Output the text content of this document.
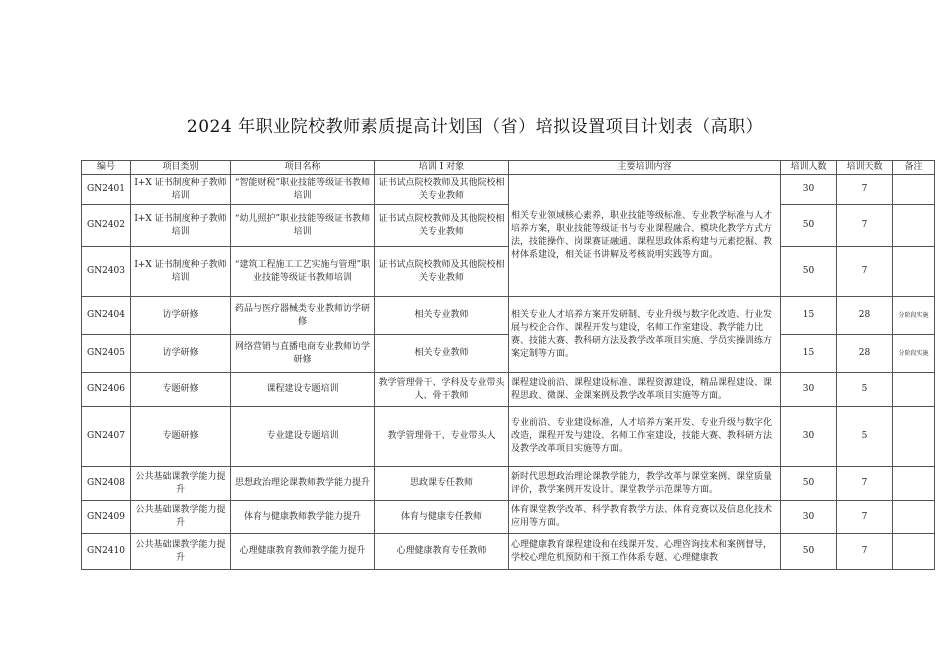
2024 年职业院校教师素质提高计划国（省）培拟设置项目计划表（高职）
编号	项目类别	项目名称	培训 I 对象	主要培训内容	培训人数	培训天数	备注
GN2401	I+X 证书制度种子教师培训	“智能财税”职业技能等级证书教师培训	证书试点院校教师及其他院校相关专业教师	相关专业领域核心素养，职业技能等级标准、专业教学标准与人才培养方案，职业技能等级证书与专业课程融合、模块化教学方式方法，技能操作、岗课赛证融通、课程思政体系构建与元素挖掘、教材体系建设，相关证书讲解及考核说明实践等方面。	30	7	
GN2402	I+X 证书制度种子教师培训	“幼儿照护”职业技能等级证书教师培训	证书试点院校教师及其他院校相关专业教师		50	7	
GN2403	I+X 证书制度种子教师培训	“建筑工程施工工艺实施与管理”职业技能等级证书教师培训	证书试点院校教师及其他院校相关专业教师		50	7	
GN2404	访学研修	药品与医疗器械类专业教师访学研修	相关专业教师	相关专业人才培养方案开发研制、专业升级与数字化改造、行业发展与校企合作、课程开发与建设，名师工作室建设、教学能力比赛、技能大赛、教科研方法及教学改革项目实施、学员实操训练方案定制等方面。	15	28	分阶段实施
GN2405	访学研修	网络营销与直播电商专业教师访学研修	相关专业教师		15	28	分阶段实施
GN2406	专题研修	课程建设专题培训	教学管理骨干、学科及专业带头人、骨干教师	课程建设前沿、课程建设标准、课程资源建设，精品课程建设、课程思政、微课、金课案例及教学改革项目实施等方面。	30	5	
GN2407	专题研修	专业建设专题培训	教学管理骨干、专业带头人	专业前沿、专业建设标准，人才培养方案开发、专业升级与数字化改造，课程开发与建设、名师工作室建设，技能大赛、教科研方法及教学改革项目实施等方面。	30	5	
GN2408	公共基础课教学能力提升	思想政治理论课教师教学能力提升	思政课专任教师	新时代思想政治理论课教学能力，教学改革与课堂案例、课堂质量评价，教学案例开发设计、课堂教学示范课等方面。	50	7	
GN2409	公共基础课教学能力提升	体育与健康教师教学能力提升	体育与健康专任教师	体育课堂教学改革、科学教育教学方法、体育竞赛以及信息化技术应用等方面。	30	7	
GN2410	公共基础课教学能力提升	心理健康教育教师教学能力提升	心理健康教育专任教师	心理健康教育课程建设和在线课开发、心理咨询技术和案例督导，学校心理危机预防和干预工作体系专题、心理健康教	50	7	
